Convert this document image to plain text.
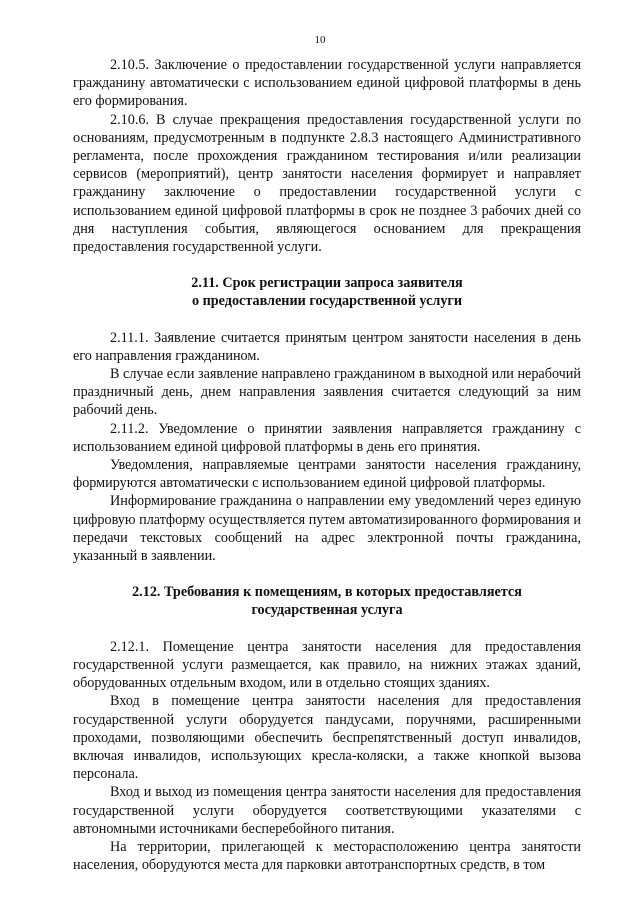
10

2.10.5. Заключение о предоставлении государственной услуги направляется гражданину автоматически с использованием единой цифровой платформы в день его формирования.

2.10.6. В случае прекращения предоставления государственной услуги по основаниям, предусмотренным в подпункте 2.8.3 настоящего Административного регламента, после прохождения гражданином тестирования и/или реализации сервисов (мероприятий), центр занятости населения формирует и направляет гражданину заключение о предоставлении государственной услуги с использованием единой цифровой платформы в срок не позднее 3 рабочих дней со дня наступления события, являющегося основанием для прекращения предоставления государственной услуги.

2.11. Срок регистрации запроса заявителя
о предоставлении государственной услуги

2.11.1. Заявление считается принятым центром занятости населения в день его направления гражданином.

В случае если заявление направлено гражданином в выходной или нерабочий праздничный день, днем направления заявления считается следующий за ним рабочий день.

2.11.2. Уведомление о принятии заявления направляется гражданину с использованием единой цифровой платформы в день его принятия.

Уведомления, направляемые центрами занятости населения гражданину, формируются автоматически с использованием единой цифровой платформы.

Информирование гражданина о направлении ему уведомлений через единую цифровую платформу осуществляется путем автоматизированного формирования и передачи текстовых сообщений на адрес электронной почты гражданина, указанный в заявлении.

2.12. Требования к помещениям, в которых предоставляется
государственная услуга

2.12.1. Помещение центра занятости населения для предоставления государственной услуги размещается, как правило, на нижних этажах зданий, оборудованных отдельным входом, или в отдельно стоящих зданиях.

Вход в помещение центра занятости населения для предоставления государственной услуги оборудуется пандусами, поручнями, расширенными проходами, позволяющими обеспечить беспрепятственный доступ инвалидов, включая инвалидов, использующих кресла-коляски, а также кнопкой вызова персонала.

Вход и выход из помещения центра занятости населения для предоставления государственной услуги оборудуется соответствующими указателями с автономными источниками бесперебойного питания.

На территории, прилегающей к месторасположению центра занятости населения, оборудуются места для парковки автотранспортных средств, в том
